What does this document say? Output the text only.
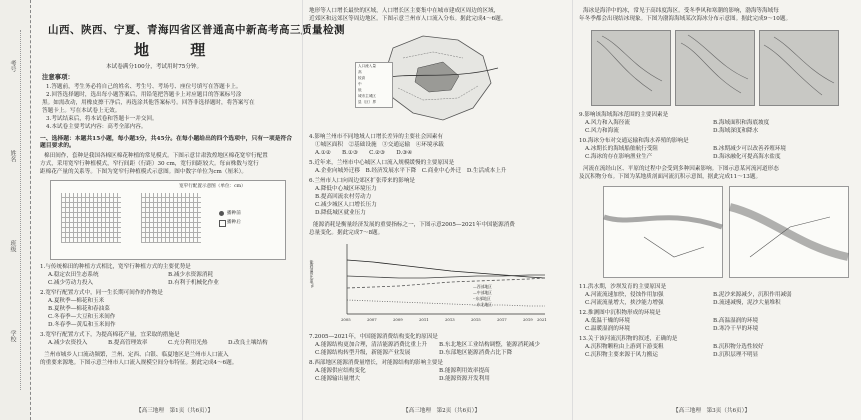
考号
姓名
班级
学校
山西、陕西、宁夏、青海四省区普通高中新高考高三质量检测
地 理
本试卷满分100分，考试用时75分钟。
注意事项：
1.答题前，考生务必将自己的姓名、考生号、考场号、座位号填写在答题卡上。
2.回答选择题时，选出每小题答案后，用铅笔把答题卡上对应题目的答案标号涂
黑。如需改动，用橡皮擦干净后，再选涂其他答案标号。回答非选择题时，将答案写在
答题卡上。写在本试卷上无效。
3.考试结束后，将本试卷和答题卡一并交回。
4.本试卷主要考试内容：高考全部内容。
一、选择题：本题共15小题，每小题3分，共45分。在每小题给出的四个选项中，只有一项是符合题目要求的。
棉田间作，套种是我国各棉区棉花种植的常见模式。下图示意甘肃敦煌地区棉花宽窄行配置
方式，采用宽窄行种植模式，窄行间距（行距）30 cm，宽行间距较大。每亩株数与宽行
距棉花产量的关系等。下图为宽窄行种植模式示意图。图中数字单位为cm（厘米）。
宽窄行配置示意图（单位：cm）
播种前
播种后
1.与传统棉田的种植方式相比，宽窄行种植方式的主要优势是
A.稳定农田生态系统	B.减少水资源消耗
C.减少劳动力投入	D.有利于机械化作业
2.宽窄行配置方式中，同一生长期可间作的作物是
A.夏秋季—棉花和玉米
B.夏秋季—棉花和春油菜
C.冬春季—大豆和玉米间作
D.冬春季—黄瓜和玉米间作
3.宽窄行配置方式下，为提高棉花产量，宜采取的措施是
A.减少农资投入	B.提高管理效率	C.充分利用光热	D.改良土壤结构
兰州市城乡人口流动频繁，兰州、定西、白银、临夏地区是兰州市人口流入
的重要来源地。下图示意兰州市人口流入规模空间分布特征。据此完成4～6题。
【高三地理　第1页（共6页）】
地形等人口增长最快的区域，人口增长区主要集中在城市建成区周边的区域，
近郊区和远郊区等周边地区。下图示意兰州市人口流入分布。据此完成4～6题。
人口流入量
高
较高
中
低
城市主城区
县（区）界
4.影响兰州市不同地域人口增长差异的主要社会因素有
①城区面积　②基础设施　③交通运输　④环境承载
A.①②　　B.①③　　C.②③　　D.③④
5.近年来，兰州市中心城区人口流入规模缓慢的主要原因是
A.企业向城外迁移　B.经济发展水平下降　C.商业中心外迁　D.生活成本上升
6.兰州市人口向周边郊区扩张带来的影响是
A.降低中心城区环境压力
B.提高回流农村劳动力
C.减少城区人口增长压力
D.降低城区就业压力
能源消耗是衡量经济发展的重要指标之一，下图示意2005—2021年中国能源消费
总量变化。据此完成7～8题。
能源消费比重/%	—西部地区
—中部地区
--东部地区
…东北地区
2005	2007	2009	2011	2013	2015	2017	2019 2021
7.2005—2021年，中国能源消费结构变化的原因是
A.能源结构更加合理，清洁能源消费比重上升 B.东北地区工业结构调整，能源消耗减少
C.能源结构转型升级，新能源产业发展	D.东部地区能源消费占比下降
8.西部地区能源消费量增长，对能源结构的影响主要是
A.能源供应结构变化	B.能源利用效率提高
C.能源输出量增大	D.能源资源开发利用
【高三地理　第2页（共6页）】
海冰是海洋中的冰，常见于高纬度海区。受冬季风和寒潮的影响，渤海等海域每
年冬季都会出现结冰现象。下图为渤海海域某次海冰分布示意图。据此完成9～10题。
9.影响该海域海冰范围的主要因素是
A.风力和入海径流	B.海域面积和海底坡度
C.风力和海流	D.海域深度和降水
10.海冰分布对交通运输和海水养殖的影响是
A.冰期长的海域船舶航行受阻	B.冰期减少可以改善养殖环境
C.海冰的存在影响渔业生产	D.海冰融化可提高海水盐度
河流在流经山区、平原的过程中会受到多种因素影响。下图示意某河流河道形态
及沉积物分布。下图为某地质剖面河流沉积示意图，据此完成11～13题。
11.洪水期，沙坝发育的主要原因是
A.河流流速加快，侵蚀作用加强	B.泥沙来源减少，沉积作用减弱
C.河流流量增大，挟沙能力增强	D.流速减慢，泥沙大量堆积
12.推测图中沉积物形成的环境是
A.低温干燥的环境	B.高温湿润的环境
C.温暖湿润的环境	D.寒冷干旱的环境
13.关于该河流沉积物的叙述，正确的是
A.沉积物颗粒由上游到下游变粗	B.沉积物分选性较好
C.沉积物主要来源于风力搬运	D.沉积层理不明显
【高三地理　第3页（共6页）】
